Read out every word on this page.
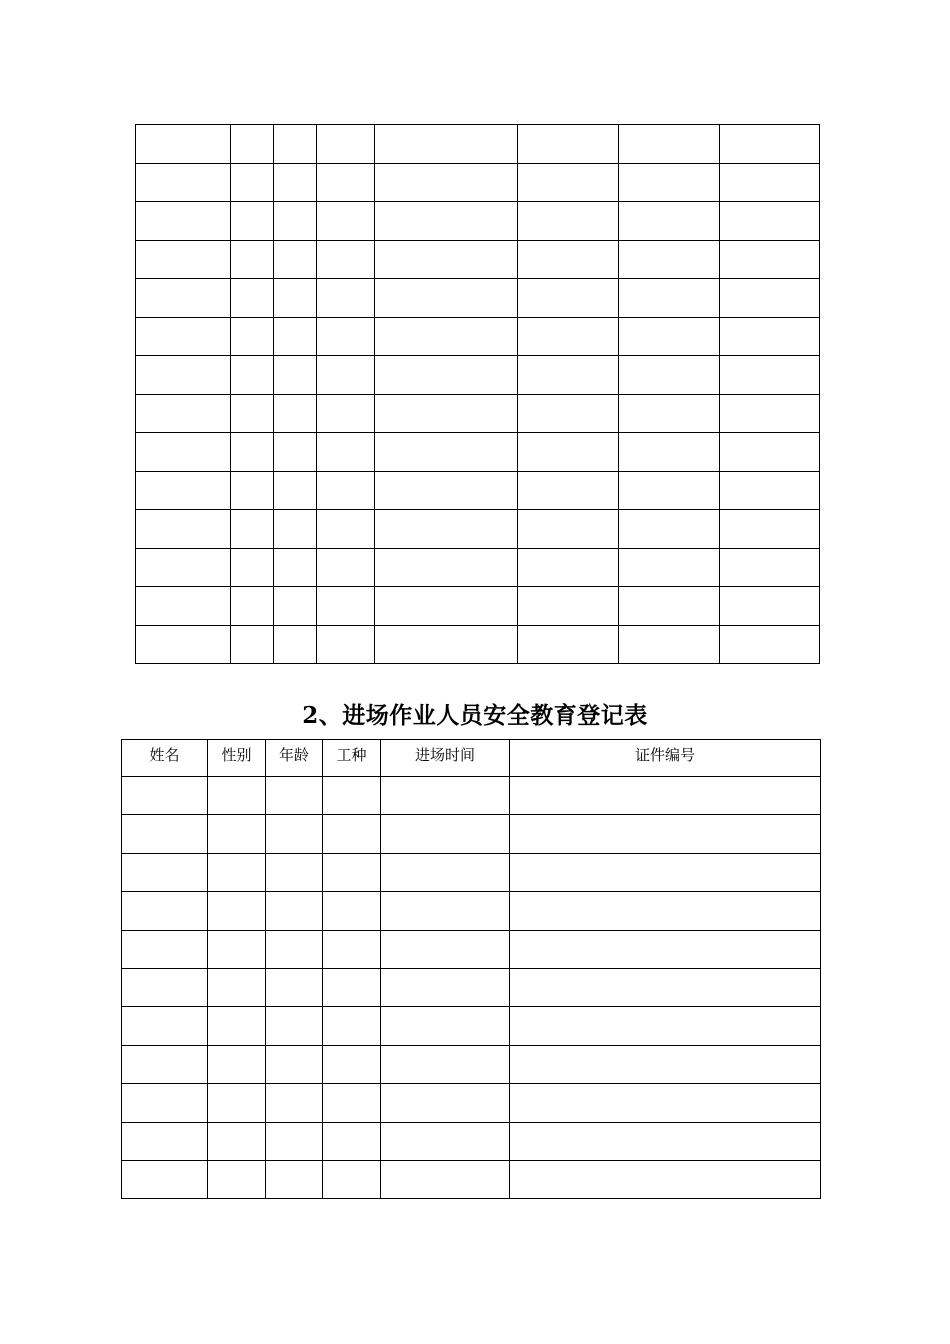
2、进场作业人员安全教育登记表
姓名	性别	年龄	工种	进场时间	证件编号
